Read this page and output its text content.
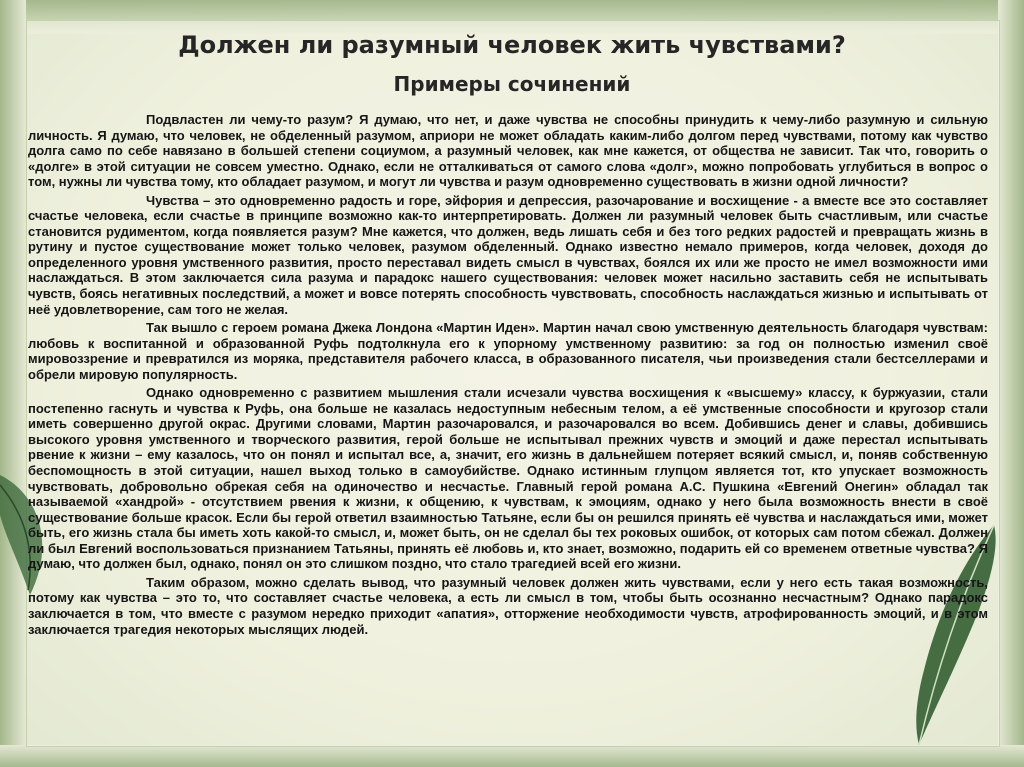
Должен ли разумный человек жить чувствами?
Примеры сочинений

Подвластен ли чему-то разум? Я думаю, что нет, и даже чувства не способны принудить к чему-либо разумную и сильную личность. Я думаю, что человек, не обделенный разумом, априори не может обладать каким-либо долгом перед чувствами, потому как чувство долга само по себе навязано в большей степени социумом, а разумный человек, как мне кажется, от общества не зависит. Так что, говорить о «долге» в этой ситуации не совсем уместно. Однако, если не отталкиваться от самого слова «долг», можно попробовать углубиться в вопрос о том, нужны ли чувства тому, кто обладает разумом, и могут ли чувства и разум одновременно существовать в жизни одной личности?

Чувства – это одновременно радость и горе, эйфория и депрессия, разочарование и восхищение - а вместе все это составляет счастье человека, если счастье в принципе возможно как-то интерпретировать. Должен ли разумный человек быть счастливым, или счастье становится рудиментом, когда появляется разум? Мне кажется, что должен, ведь лишать себя и без того редких радостей и превращать жизнь в рутину и пустое существование может только человек, разумом обделенный. Однако известно немало примеров, когда человек, доходя до определенного уровня умственного развития, просто переставал видеть смысл в чувствах, боялся их или же просто не имел возможности ими наслаждаться. В этом заключается сила разума и парадокс нашего существования: человек может насильно заставить себя не испытывать чувств, боясь негативных последствий, а может и вовсе потерять способность чувствовать, способность наслаждаться жизнью и испытывать от неё удовлетворение, сам того не желая.

Так вышло с героем романа Джека Лондона «Мартин Иден». Мартин начал свою умственную деятельность благодаря чувствам: любовь к воспитанной и образованной Руфь подтолкнула его к упорному умственному развитию: за год он полностью изменил своё мировоззрение и превратился из моряка, представителя рабочего класса, в образованного писателя, чьи произведения стали бестселлерами и обрели мировую популярность.

Однако одновременно с развитием мышления стали исчезали чувства восхищения к «высшему» классу, к буржуазии, стали постепенно гаснуть и чувства к Руфь, она больше не казалась недоступным небесным телом, а её умственные способности и кругозор стали иметь совершенно другой окрас. Другими словами, Мартин разочаровался, и разочаровался во всем. Добившись денег и славы, добившись высокого уровня умственного и творческого развития, герой больше не испытывал прежних чувств и эмоций и даже перестал испытывать рвение к жизни – ему казалось, что он понял и испытал все, а, значит, его жизнь в дальнейшем потеряет всякий смысл, и, поняв собственную беспомощность в этой ситуации, нашел выход только в самоубийстве. Однако истинным глупцом является тот, кто упускает возможность чувствовать, добровольно обрекая себя на одиночество и несчастье. Главный герой романа А.С. Пушкина «Евгений Онегин» обладал так называемой «хандрой» - отсутствием рвения к жизни, к общению, к чувствам, к эмоциям, однако у него была возможность внести в своё существование больше красок. Если бы герой ответил взаимностью Татьяне, если бы он решился принять её чувства и наслаждаться ими, может быть, его жизнь стала бы иметь хоть какой-то смысл, и, может быть, он не сделал бы тех роковых ошибок, от которых сам потом сбежал. Должен ли был Евгений воспользоваться признанием Татьяны, принять её любовь и, кто знает, возможно, подарить ей со временем ответные чувства? Я думаю, что должен был, однако, понял он это слишком поздно, что стало трагедией всей его жизни.

Таким образом, можно сделать вывод, что разумный человек должен жить чувствами, если у него есть такая возможность, потому как чувства – это то, что составляет счастье человека, а есть ли смысл в том, чтобы быть осознанно несчастным? Однако парадокс заключается в том, что вместе с разумом нередко приходит «апатия», отторжение необходимости чувств, атрофированность эмоций, и в этом заключается трагедия некоторых мыслящих людей.
